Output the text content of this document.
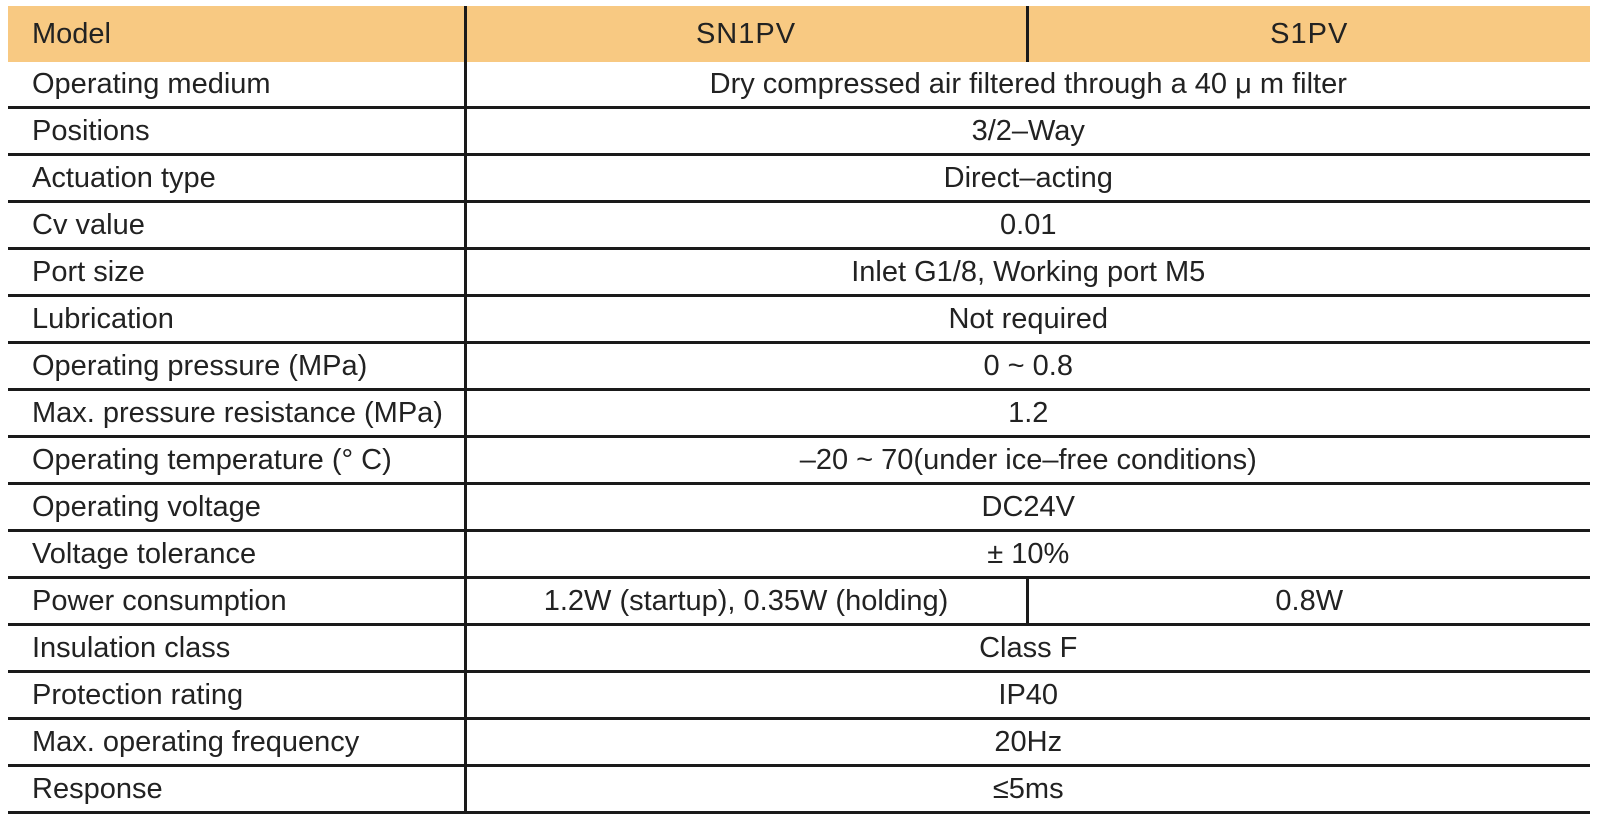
Model	SN1PV	S1PV
Operating medium	Dry compressed air filtered through a 40 μ m filter	
Positions	3/2–Way	
Actuation type	Direct–acting	
Cv value	0.01	
Port size	Inlet G1/8, Working port M5	
Lubrication	Not required	
Operating pressure (MPa)	0 ~ 0.8	
Max. pressure resistance (MPa)	1.2	
Operating temperature (° C)	–20 ~ 70(under ice–free conditions)	
Operating voltage	DC24V	
Voltage tolerance	± 10%	
Power consumption	1.2W (startup), 0.35W (holding)	0.8W
Insulation class	Class F	
Protection rating	IP40	
Max. operating frequency	20Hz	
Response	≤5ms	
